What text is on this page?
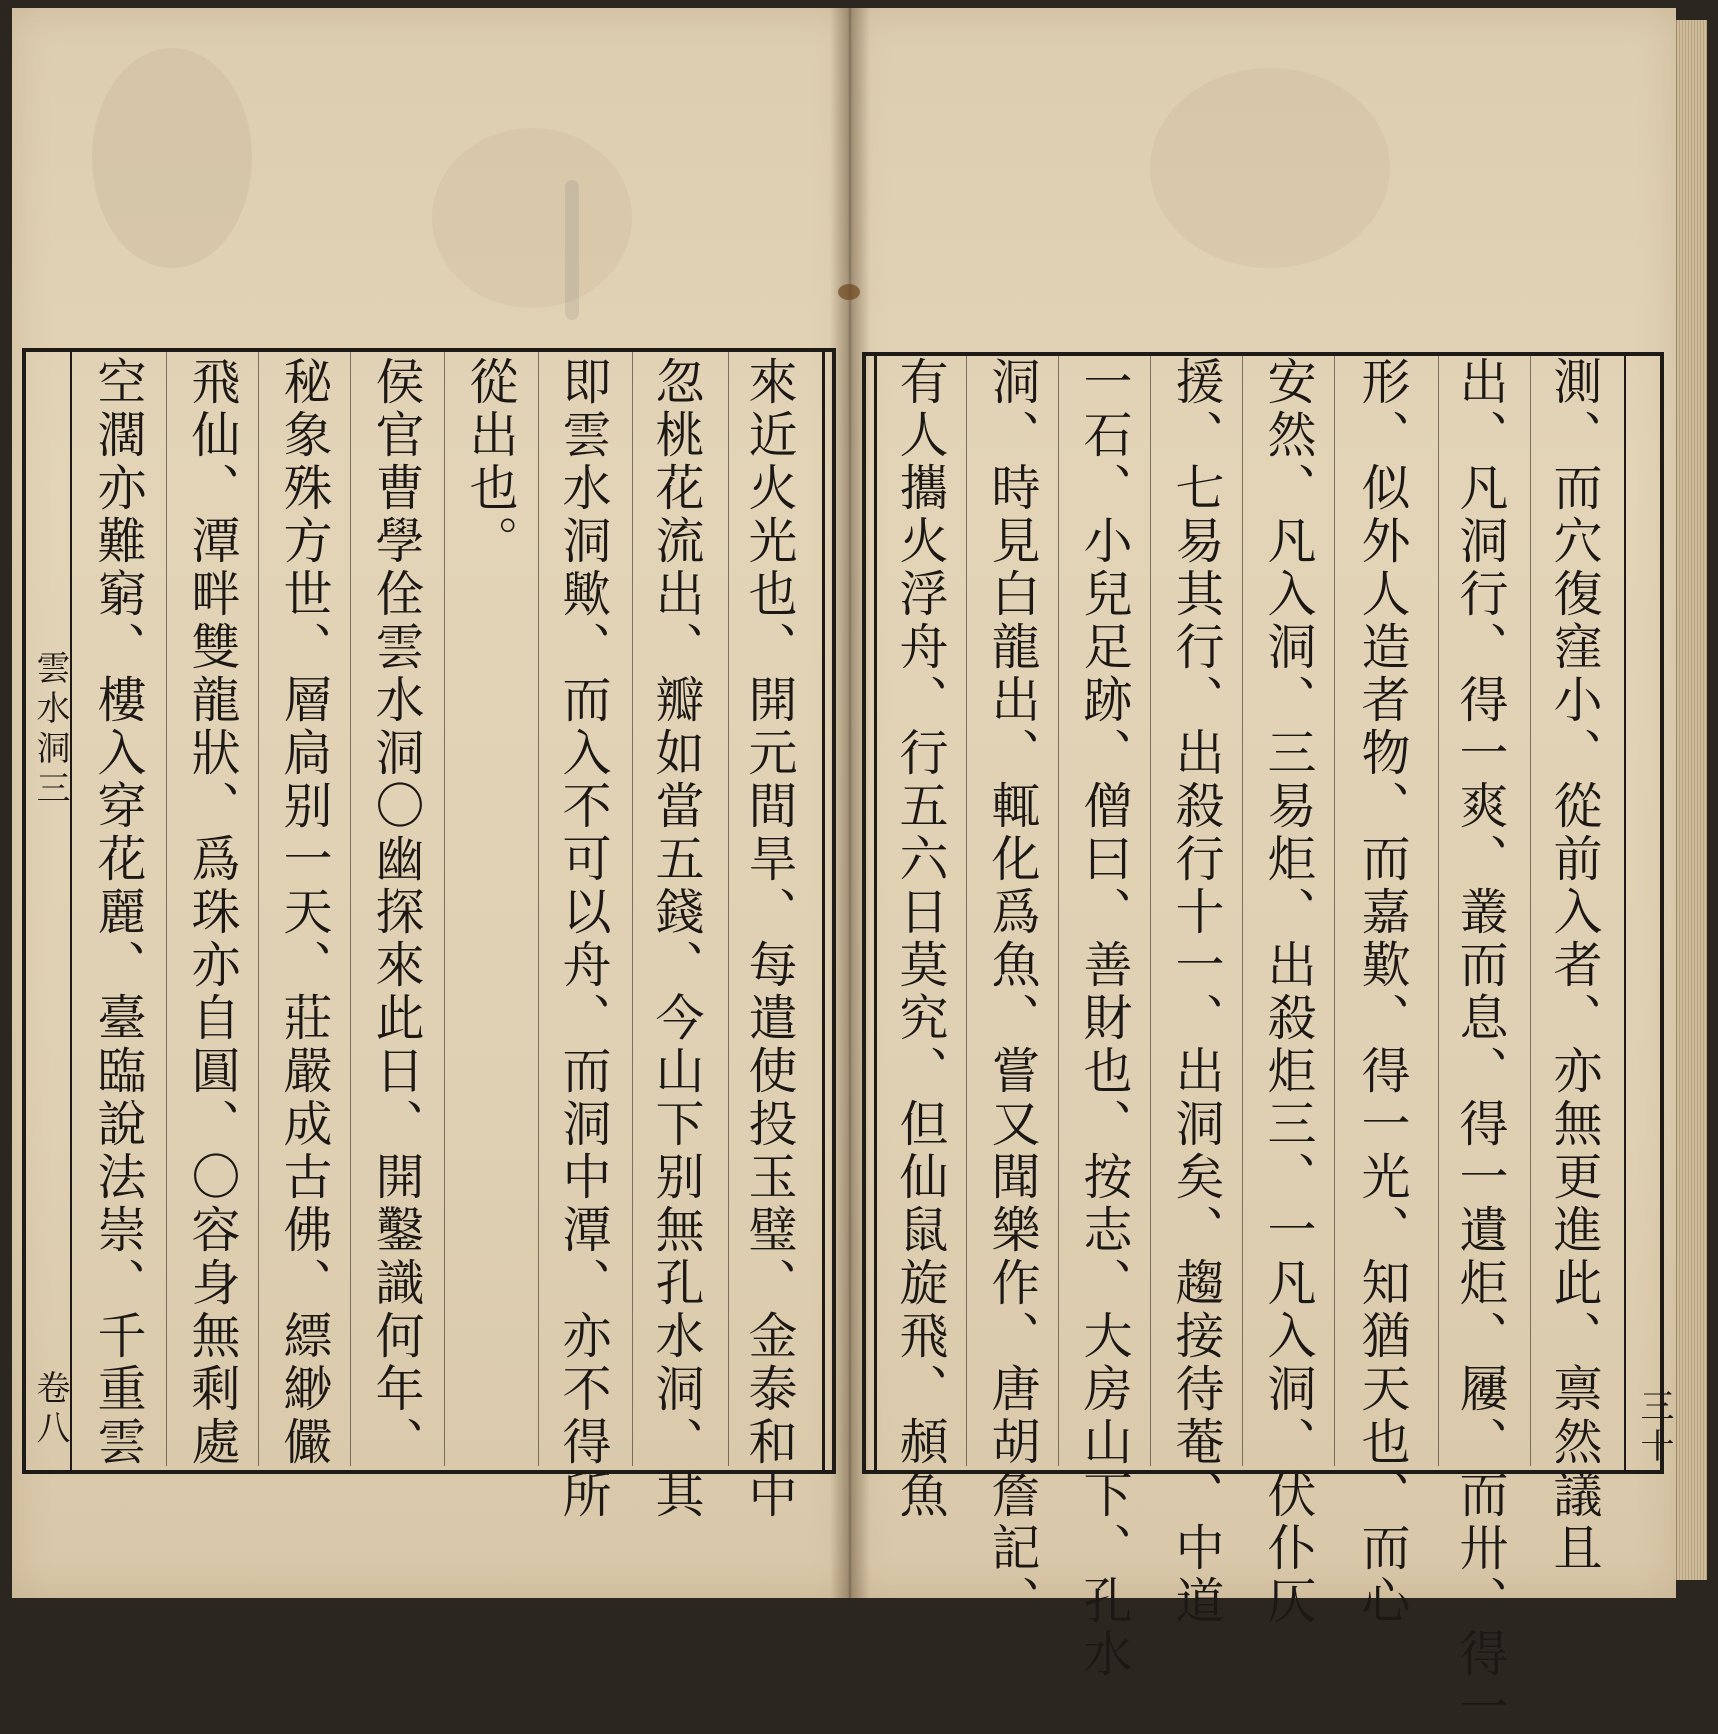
來近火光也、開元間旱、每遣使投玉璧、金泰和中
忽桃花流出、瓣如當五錢、今山下别無孔水洞、其
即雲水洞歟、而入不可以舟、而洞中潭、亦不得所
從出也。
侯官曹學佺雲水洞〇幽探來此日、開鑿識何年、
秘象殊方世、層扃别一天、莊嚴成古佛、縹緲儼
飛仙、潭畔雙龍狀、爲珠亦自圓、〇容身無剩處
空濶亦難窮、樓入穿花麗、臺臨說法崇、千重雲
雲水洞三
卷八	測、而穴復窪小、從前入者、亦無更進此、禀然議且
出、凡洞行、得一爽、叢而息、得一遺炬、屨、而卅、得一
形、似外人造者物、而嘉歎、得一光、知猶天也、而心
安然、凡入洞、三易炬、出殺炬三、一凡入洞、伏仆仄
援、七易其行、出殺行十一、出洞矣、趨接待菴、中道
一石、小兒足跡、僧曰、善財也、按志、大房山下、孔水
洞、時見白龍出、輒化爲魚、嘗又聞樂作、唐胡詹記、
有人攜火浮舟、行五六日莫究、但仙鼠旋飛、頳魚	三十
